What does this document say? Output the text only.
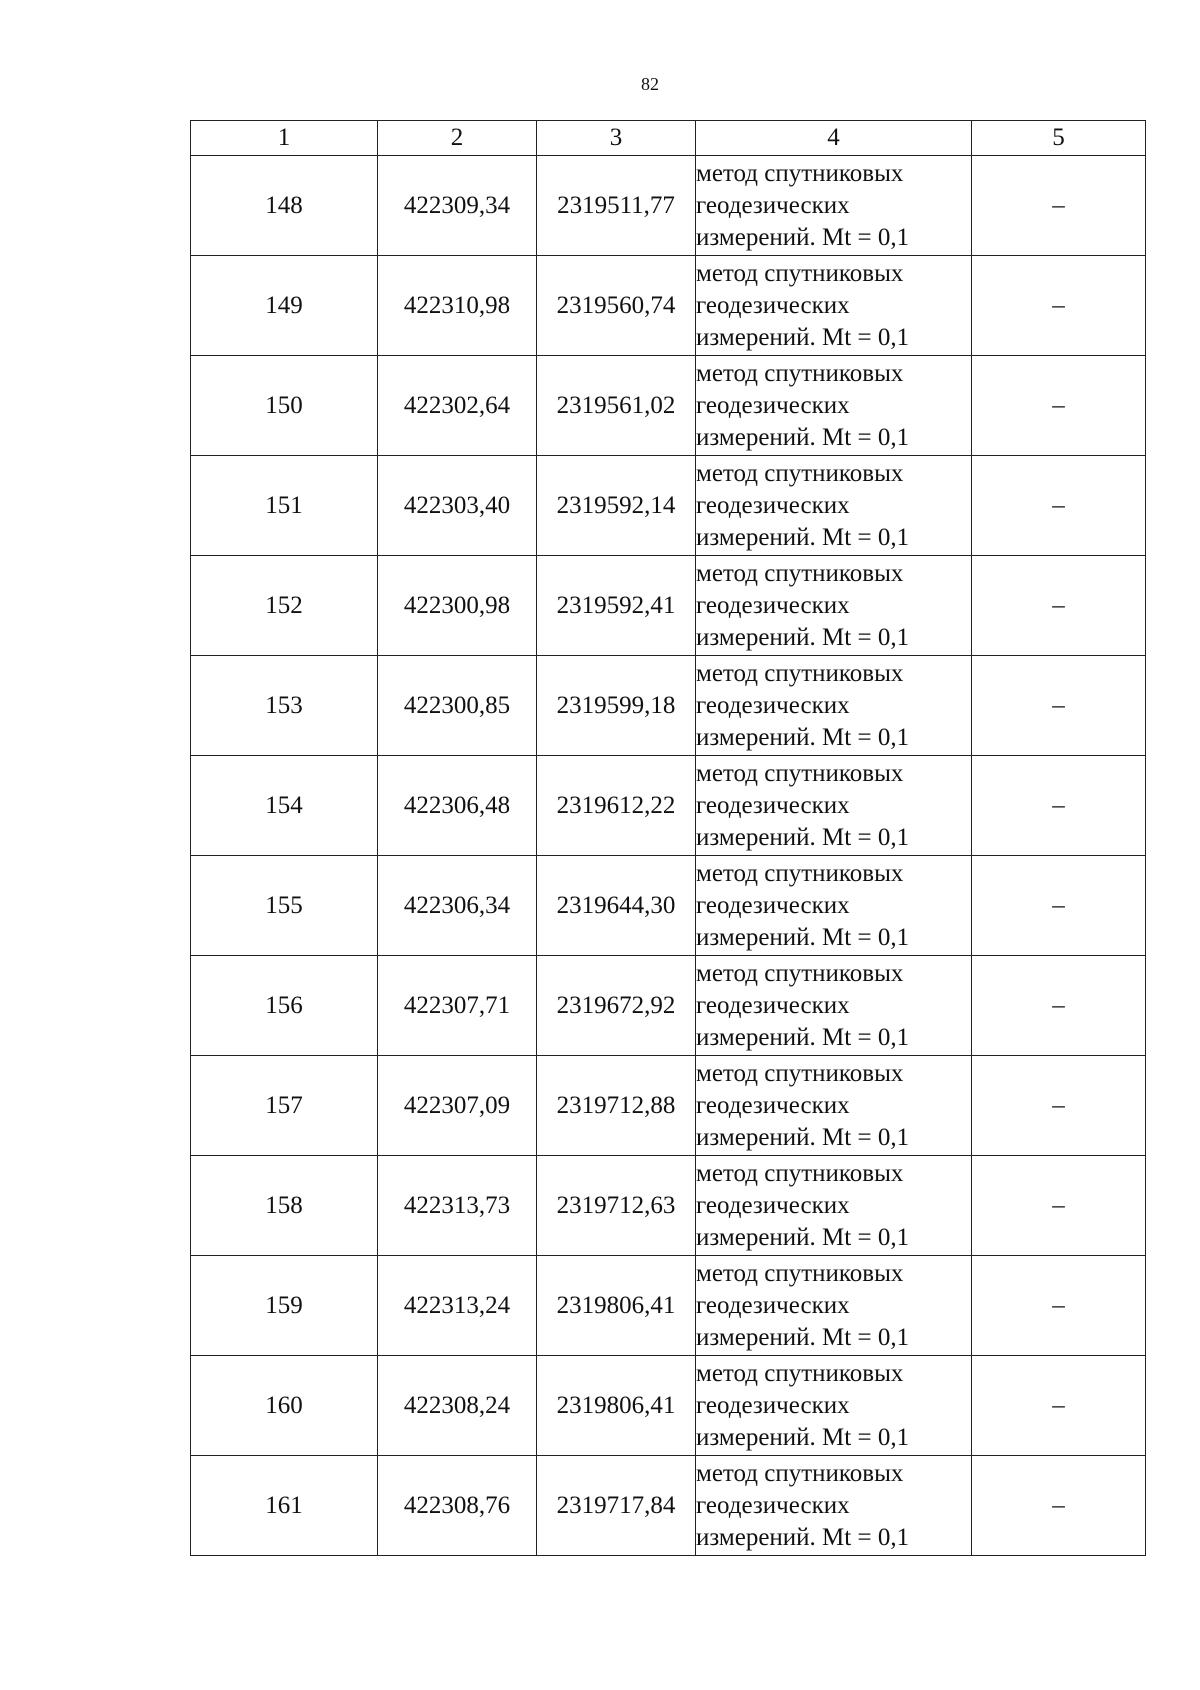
82
1	2	3	4	5
148	422309,34	2319511,77	метод спутниковых
геодезических
измерений. Mt = 0,1	–
149	422310,98	2319560,74	метод спутниковых
геодезических
измерений. Mt = 0,1	–
150	422302,64	2319561,02	метод спутниковых
геодезических
измерений. Mt = 0,1	–
151	422303,40	2319592,14	метод спутниковых
геодезических
измерений. Mt = 0,1	–
152	422300,98	2319592,41	метод спутниковых
геодезических
измерений. Mt = 0,1	–
153	422300,85	2319599,18	метод спутниковых
геодезических
измерений. Mt = 0,1	–
154	422306,48	2319612,22	метод спутниковых
геодезических
измерений. Mt = 0,1	–
155	422306,34	2319644,30	метод спутниковых
геодезических
измерений. Mt = 0,1	–
156	422307,71	2319672,92	метод спутниковых
геодезических
измерений. Mt = 0,1	–
157	422307,09	2319712,88	метод спутниковых
геодезических
измерений. Mt = 0,1	–
158	422313,73	2319712,63	метод спутниковых
геодезических
измерений. Mt = 0,1	–
159	422313,24	2319806,41	метод спутниковых
геодезических
измерений. Mt = 0,1	–
160	422308,24	2319806,41	метод спутниковых
геодезических
измерений. Mt = 0,1	–
161	422308,76	2319717,84	метод спутниковых
геодезических
измерений. Mt = 0,1	–
